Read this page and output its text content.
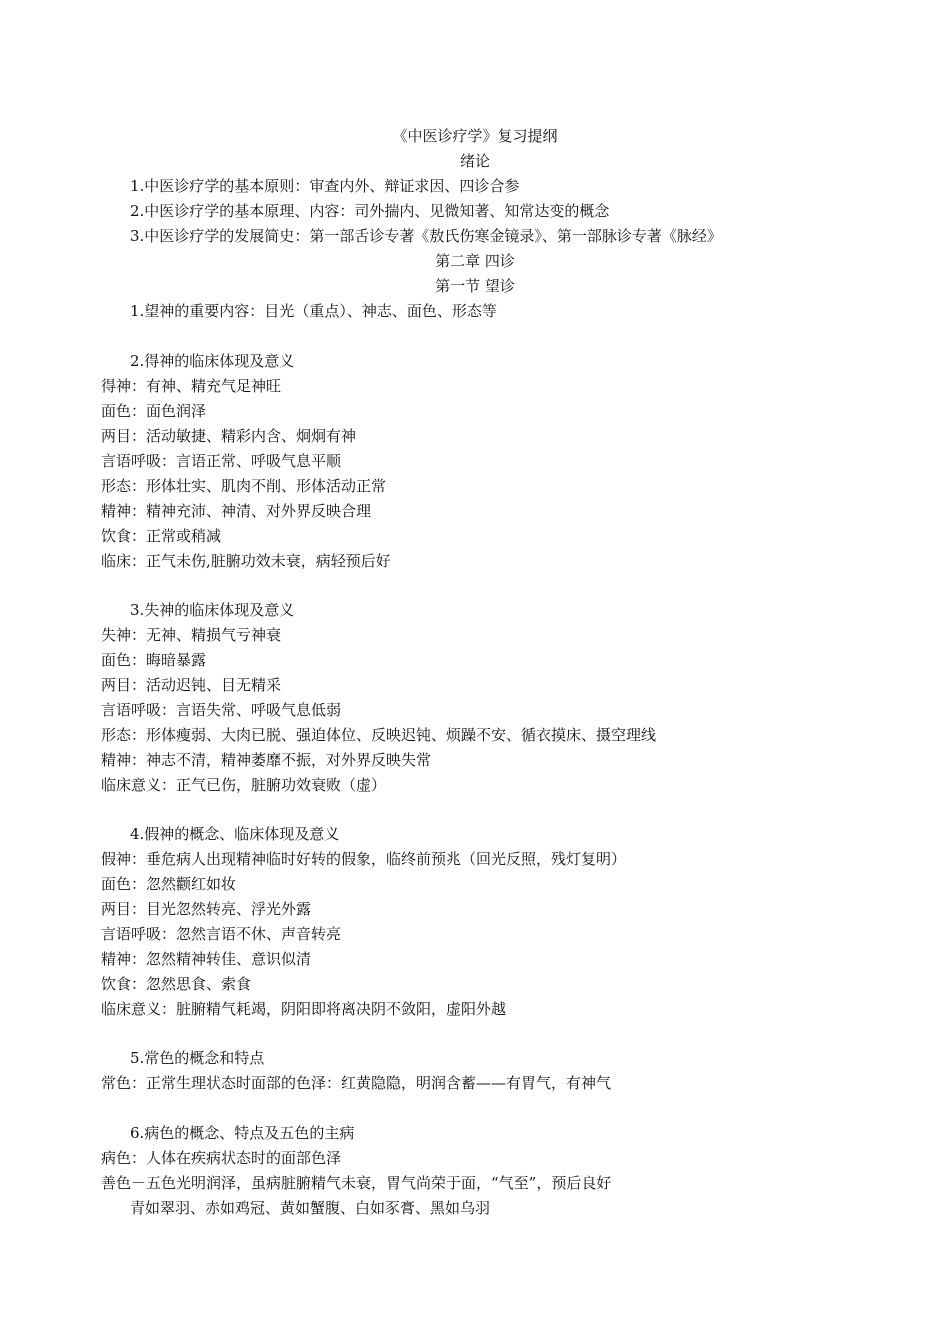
《中医诊疗学》复习提纲
绪论
1.中医诊疗学的基本原则：审查内外、辩证求因、四诊合参
2.中医诊疗学的基本原理、内容：司外揣内、见微知著、知常达变的概念
3.中医诊疗学的发展简史：第一部舌诊专著《敖氏伤寒金镜录》、第一部脉诊专著《脉经》
第二章 四诊
第一节 望诊
1.望神的重要内容：目光（重点）、神志、面色、形态等
2.得神的临床体现及意义
得神：有神、精充气足神旺
面色：面色润泽
两目：活动敏捷、精彩内含、炯炯有神
言语呼吸：言语正常、呼吸气息平顺
形态：形体壮实、肌肉不削、形体活动正常
精神：精神充沛、神清、对外界反映合理
饮食：正常或稍减
临床：正气未伤,脏腑功效未衰，病轻预后好
3.失神的临床体现及意义
失神：无神、精损气亏神衰
面色：晦暗暴露
两目：活动迟钝、目无精采
言语呼吸：言语失常、呼吸气息低弱
形态：形体瘦弱、大肉已脱、强迫体位、反映迟钝、烦躁不安、循衣摸床、摄空理线
精神：神志不清，精神萎靡不振，对外界反映失常
临床意义：正气已伤，脏腑功效衰败（虚）
4.假神的概念、临床体现及意义
假神：垂危病人出现精神临时好转的假象，临终前预兆（回光反照，残灯复明）
面色：忽然颧红如妆
两目：目光忽然转亮、浮光外露
言语呼吸：忽然言语不休、声音转亮
精神：忽然精神转佳、意识似清
饮食：忽然思食、索食
临床意义：脏腑精气耗竭，阴阳即将离决阴不敛阳，虚阳外越
5.常色的概念和特点
常色：正常生理状态时面部的色泽：红黄隐隐，明润含蓄——有胃气，有神气
6.病色的概念、特点及五色的主病
病色：人体在疾病状态时的面部色泽
善色－五色光明润泽，虽病脏腑精气未衰，胃气尚荣于面，“气至”，预后良好
青如翠羽、赤如鸡冠、黄如蟹腹、白如豕膏、黑如乌羽
